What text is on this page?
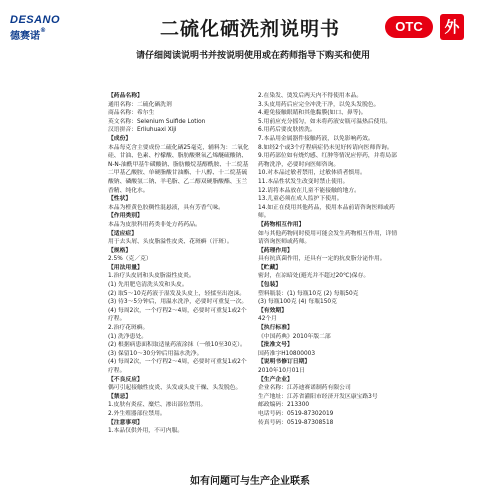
DESANO
德赛诺®	二硫化硒洗剂说明书	OTC	外
请仔细阅读说明书并按说明使用或在药师指导下购买和使用

【药品名称】

通用名称：二硫化硒洗剂

商品名称：希尔生

英文名称：Selenium Sulfide Lotion

汉语拼音：Erliuhuaxi Xiji

【成份】

本品每克含主要成份二硫化硒25毫克，辅料为：二氧化硅、甘油、色素、柠檬酸、脂肪酸聚氧乙烯醚硫酸钠、N-N-油酰甲基牛磺酸钠、脂肪酸烷基醇酰胺、十二烷基二甲基乙酸胺、单硬脂酸甘油酯、十八醇、十二烷基硫酸钠、磷酸氢二钠、羊毛脂、乙二醇双硬脂酸酯、玉兰香精、纯化水。

【性状】

本品为橙黄色胶稠性混悬液，具有芳香气味。

【作用类别】

本品为皮肤科用药类非处方药药品。

【适应症】

用于去头屑、头皮脂溢性皮炎、花斑癣（汗斑）。

【规格】

2.5%（克／克）

【用法用量】

1.治疗头皮屑和头皮脂溢性皮炎。

(1) 先用肥皂清洗头发和头皮。

(2) 取5～10克药液于湿发及头皮上，轻揉至出泡沫。

(3) 待3～5分钟后，用温水洗净，必要时可重复一次。

(4) 每周2次，一个疗程2～4周，必要时可重复1或2个疗程。

2.治疗花斑癣。

(1) 洗净患处。

(2) 根据病患面积取适量药液涂抹（一般10至30克）。

(3) 保留10～30分钟后用温水洗净。

(4) 每周2次，一个疗程2～4周，必要时可重复1或2个疗程。

【不良反应】

偶可引起接触性皮炎、头发或头皮干燥、头发脱色。

【禁忌】

1.皮肤有炎症、糜烂、渗出部位禁用。

2.外生殖器部位禁用。

【注意事项】

1.本品仅供外用，不可内服。

2.在染发、烫发后两天内不得使用本品。

3.头皮用药后应完全冲洗干净，以免头发脱色。

4.避免接触眼睛和其他黏膜(如口、鼻等)。

5.用前应充分摇匀，如未将药液安瓶可温热后使用。

6.用药后要皮肤搓洗。

7.本品用金属器件接触药液，以免影响药效。

8.如经2个或3个疗程病症仍未见好转请向医师咨询。

9.用药部位如有烧灼感、红肿等情况应停药，并将局部药物洗净，必要时向医师咨询。

10.对本品过敏者禁用，过敏体质者慎用。

11.本品性状发生改变时禁止使用。

12.请将本品放在儿童不能接触的地方。

13.儿童必须在成人监护下使用。

14.如正在使用其他药品，使用本品前请咨询医师或药师。

【药物相互作用】

如与其他药物同时使用可能会发生药物相互作用，详情请咨询医师或药师。

【药理作用】

具有抗真菌作用，还具有一定的抗皮脂分泌作用。

【贮藏】

密封，在凉暗处(避光并不超过20℃)保存。

【包装】

塑料瓶装：(1) 每瓶10克 (2) 每瓶50克

(3) 每瓶100克 (4) 每瓶150克

【有效期】

42个月

【执行标准】

《中国药典》2010年版二部

【批准文号】

国药准字H10800003

【说明书修订日期】

2010年10月01日

【生产企业】

企业名称：江苏迪赛诺制药有限公司

生产地址：江苏省灌阳市经济开发区康宝路3号

邮政编码：213300

电话号码：0519-87302019

传真号码：0519-87308518

如有问题可与生产企业联系
